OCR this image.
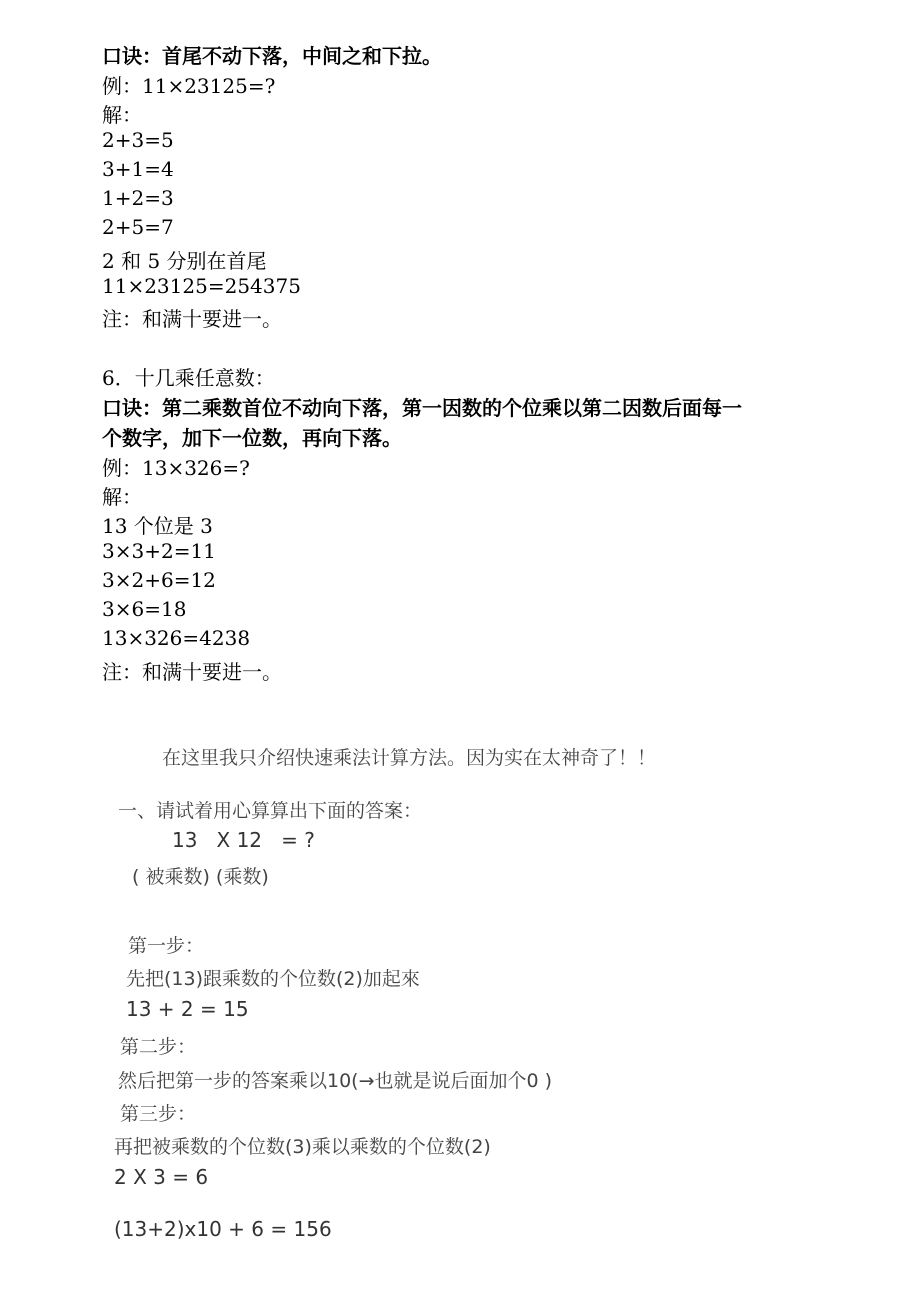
口诀：首尾不动下落，中间之和下拉。
例：11×23125=?
解：
2+3=5
3+1=4
1+2=3
2+5=7
2 和 5 分别在首尾
11×23125=254375
注：和满十要进一。
6．十几乘任意数：
口诀：第二乘数首位不动向下落，第一因数的个位乘以第二因数后面每一
个数字，加下一位数，再向下落。
例：13×326=?
解：
13 个位是 3
3×3+2=11
3×2+6=12
3×6=18
13×326=4238
注：和满十要进一。
在这里我只介绍快速乘法计算方法。因为实在太神奇了！！
一、请试着用心算算出下面的答案：
13   X 12   = ?
( 被乘数) (乘数)
第一步：
先把(13)跟乘数的个位数(2)加起來
13 + 2 = 15
第二步：
然后把第一步的答案乘以10(→也就是说后面加个0 )
第三步：
再把被乘数的个位数(3)乘以乘数的个位数(2)
2 X 3 = 6
(13+2)x10 + 6 = 156
